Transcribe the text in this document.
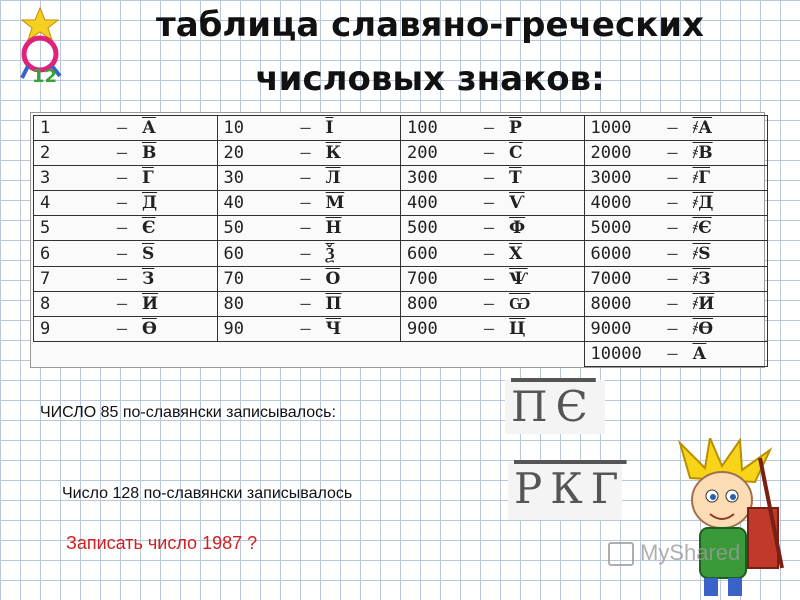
12
таблица славяно-греческих
числовых знаков:
1 — А	10 — І	100 — Р	1000 — ҂А
2 — В	20 — К	200 — С	2000 — ҂В
3 — Г	30 — Л	300 — Т	3000 — ҂Г
4 — Д	40 — М	400 — Ѵ	4000 — ҂Д
5 — Є	50 — Н	500 — Ф	5000 — ҂Є
6 — Ѕ	60 — Ѯ	600 — Х	6000 — ҂Ѕ
7 — З	70 — О	700 — Ѱ	7000 — ҂З
8 — И	80 — П	800 — Ѡ	8000 — ҂И
9 — Ѳ	90 — Ч	900 — Ц	9000 — ҂Ѳ
			10000 — А
ЧИСЛО 85 по-славянски записывалось:	ПЄ
Число 128 по-славянски записывалось	РКГ
Записать число 1987 ?	MyShared
